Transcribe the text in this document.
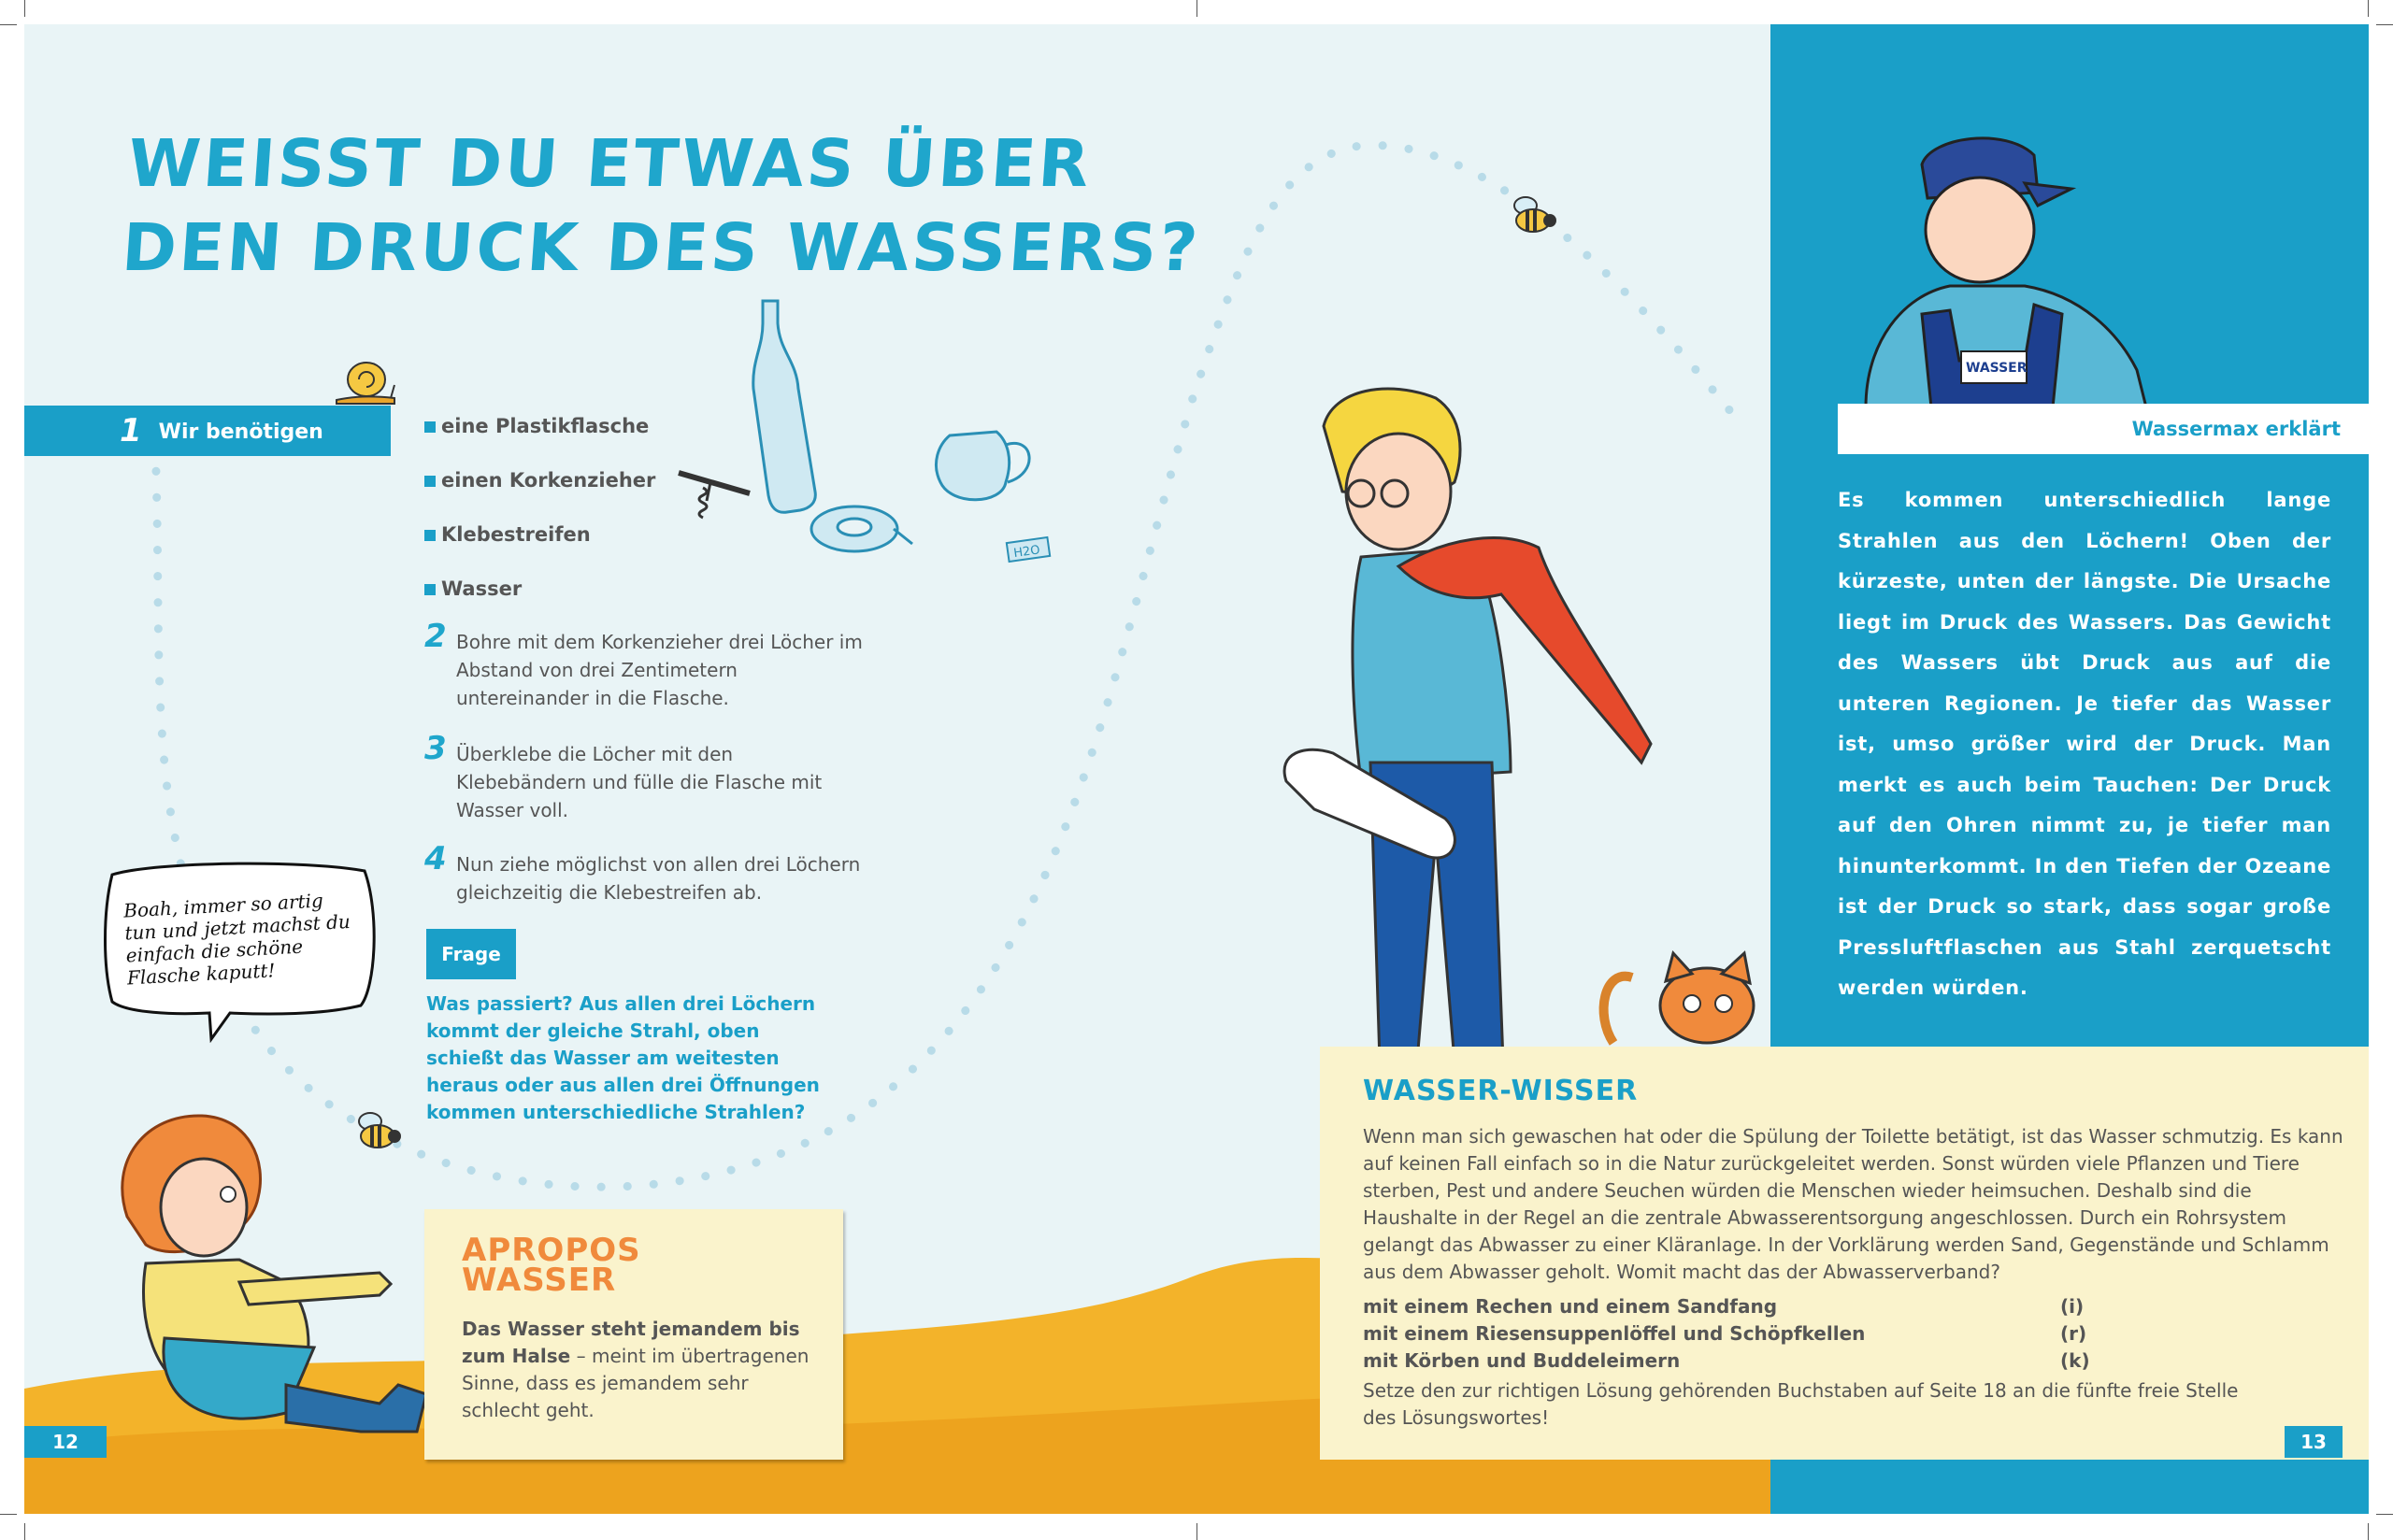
WEISST DU ETWAS ÜBER
DEN DRUCK DES WASSERS?
1 Wir benötigen	eine Plastikflasche
einen Korkenzieher
Klebestreifen
Wasser
H2O
2 Bohre mit dem Korkenzieher drei Löcher im Abstand von drei Zentimetern untereinander in die Flasche.
3 Überklebe die Löcher mit den Klebebändern und fülle die Flasche mit Wasser voll.
4 Nun ziehe möglichst von allen drei Löchern gleichzeitig die Klebestreifen ab.
Frage
Was passiert? Aus allen drei Löchern kommt der gleiche Strahl, oben schießt das Wasser am weitesten heraus oder aus allen drei Öffnungen kommen unterschiedliche Strahlen?
Boah, immer so artig tun und jetzt machst du einfach die schöne Flasche kaputt!
WASSER
Wassermax erklärt
Es kommen unterschiedlich lange Strahlen aus den Löchern! Oben der kürzeste, unten der längste. Die Ursache liegt im Druck des Wassers. Das Gewicht des Wassers übt Druck aus auf die unteren Regionen. Je tiefer das Wasser ist, umso größer wird der Druck. Man merkt es auch beim Tauchen: Der Druck auf den Ohren nimmt zu, je tiefer man hinunterkommt. In den Tiefen der Ozeane ist der Druck so stark, dass sogar große Pressluftflaschen aus Stahl zerquetscht werden würden.
APROPOS
WASSER
Das Wasser steht jemandem bis zum Halse – meint im übertragenen Sinne, dass es jemandem sehr schlecht geht.
WASSER-WISSER
Wenn man sich gewaschen hat oder die Spülung der Toilette betätigt, ist das Wasser schmutzig. Es kann auf keinen Fall einfach so in die Natur zurückgeleitet werden. Sonst würden viele Pflanzen und Tiere sterben, Pest und andere Seuchen würden die Menschen wieder heimsuchen. Deshalb sind die Haushalte in der Regel an die zentrale Abwasserentsorgung angeschlossen. Durch ein Rohrsystem gelangt das Abwasser zu einer Kläranlage. In der Vorklärung werden Sand, Gegenstände und Schlamm aus dem Abwasser geholt. Womit macht das der Abwasserverband?
mit einem Rechen und einem Sandfang	(i)
mit einem Riesensuppenlöffel und Schöpfkellen	(r)
mit Körben und Buddeleimern	(k)
Setze den zur richtigen Lösung gehörenden Buchstaben auf Seite 18 an die fünfte freie Stelle des Lösungswortes!
12	13
